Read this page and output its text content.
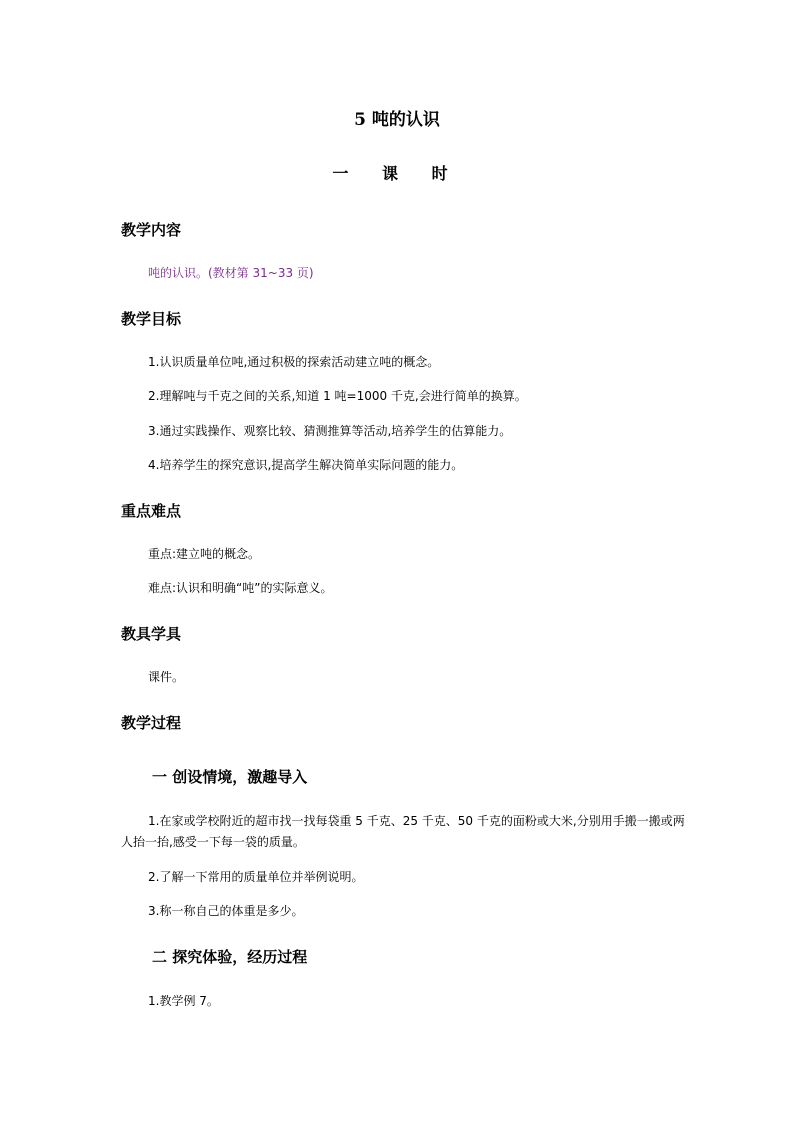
5 吨的认识
一 课 时
教学内容
吨的认识。(教材第 31~33 页)
教学目标
1.认识质量单位吨,通过积极的探索活动建立吨的概念。
2.理解吨与千克之间的关系,知道 1 吨=1000 千克,会进行简单的换算。
3.通过实践操作、观察比较、猜测推算等活动,培养学生的估算能力。
4.培养学生的探究意识,提高学生解决简单实际问题的能力。
重点难点
重点:建立吨的概念。
难点:认识和明确“吨”的实际意义。
教具学具
课件。
教学过程
一 创设情境，激趣导入
1.在家或学校附近的超市找一找每袋重 5 千克、25 千克、50 千克的面粉或大米,分别用手搬一搬或两人抬一抬,感受一下每一袋的质量。
2.了解一下常用的质量单位并举例说明。
3.称一称自己的体重是多少。
二 探究体验，经历过程
1.教学例 7。
